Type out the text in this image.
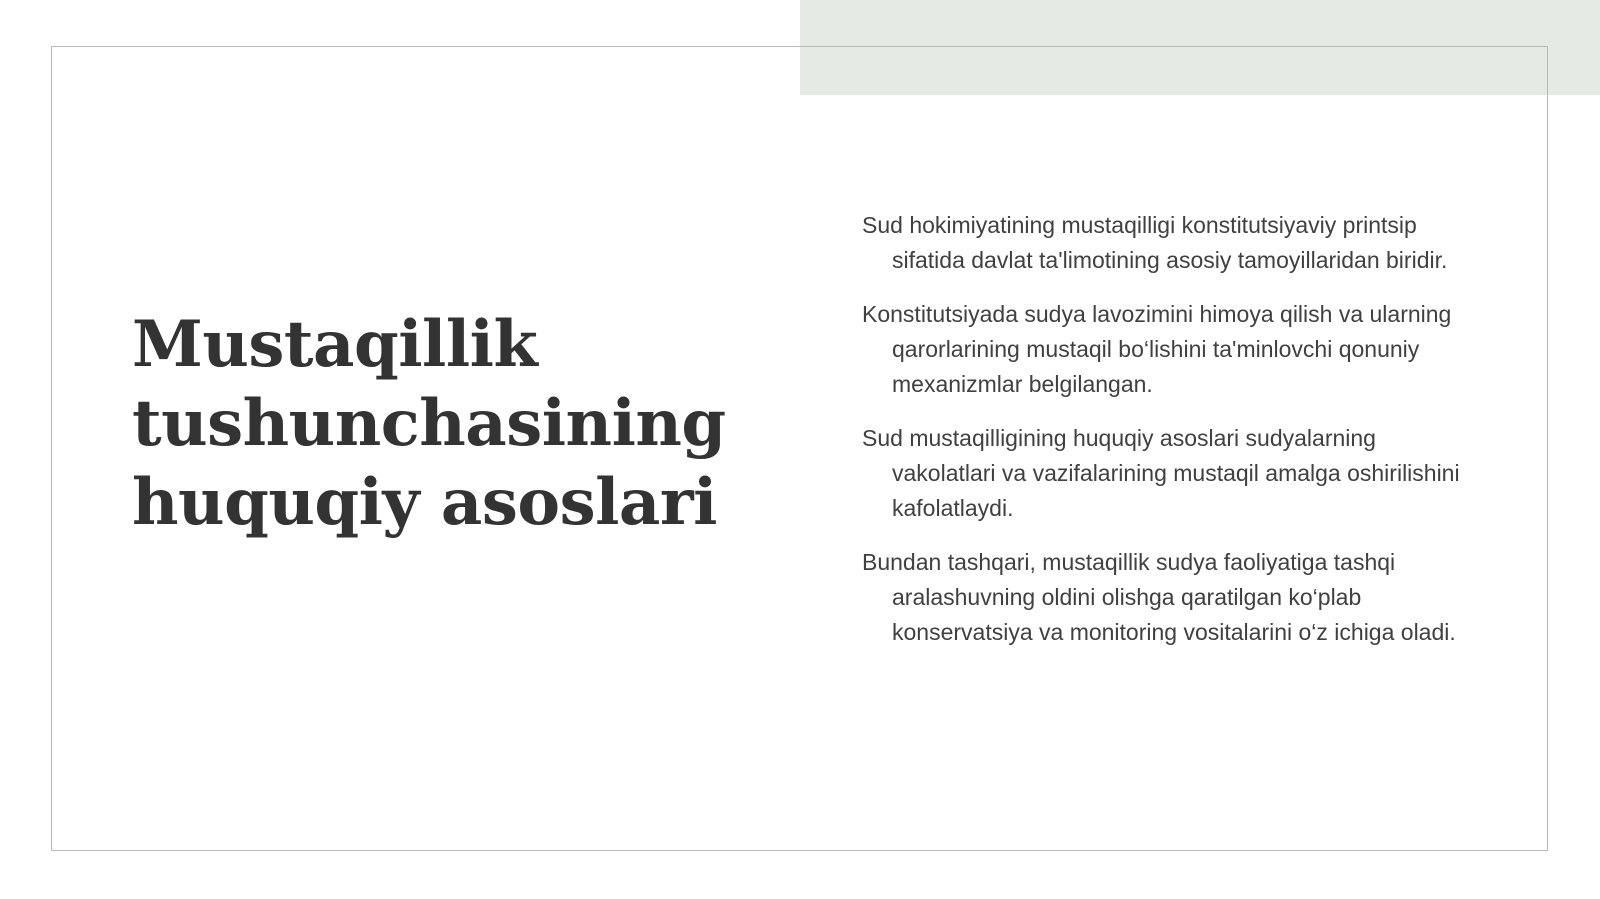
Mustaqillik tushunchasining huquqiy asoslari
Sud hokimiyatining mustaqilligi konstitutsiyaviy printsip sifatida davlat ta'limotining asosiy tamoyillaridan biridir.
Konstitutsiyada sudya lavozimini himoya qilish va ularning qarorlarining mustaqil bo‘lishini ta'minlovchi qonuniy mexanizmlar belgilangan.
Sud mustaqilligining huquqiy asoslari sudyalarning vakolatlari va vazifalarining mustaqil amalga oshirilishini kafolatlaydi.
Bundan tashqari, mustaqillik sudya faoliyatiga tashqi aralashuvning oldini olishga qaratilgan ko‘plab konservatsiya va monitoring vositalarini o‘z ichiga oladi.
